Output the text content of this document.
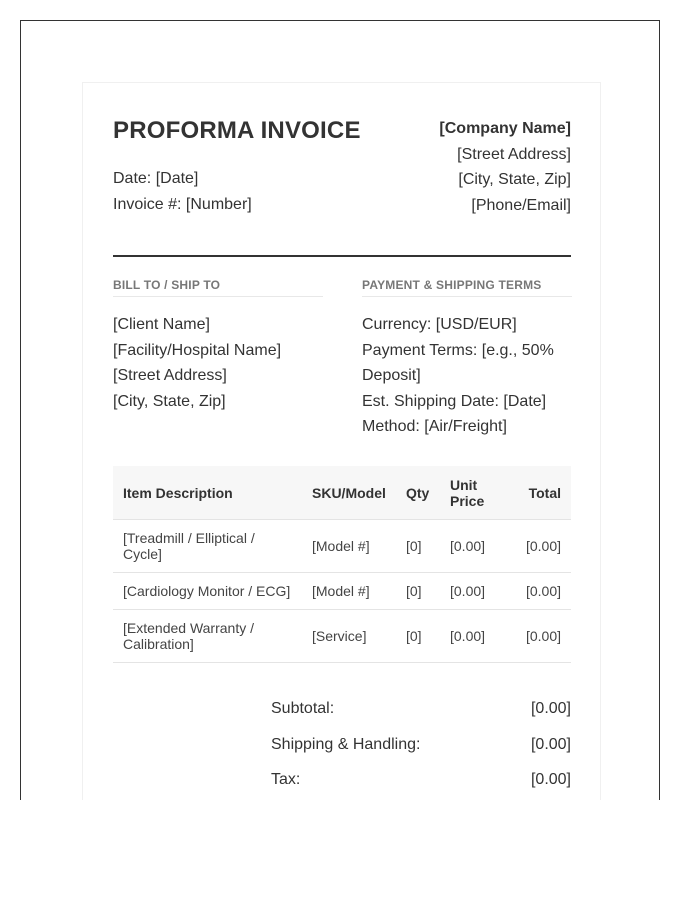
PROFORMA INVOICE
Date: [Date]
Invoice #: [Number]
[Company Name]
[Street Address]
[City, State, Zip]
[Phone/Email]
BILL TO / SHIP TO
[Client Name]
[Facility/Hospital Name]
[Street Address]
[City, State, Zip]
PAYMENT & SHIPPING TERMS
Currency: [USD/EUR]
Payment Terms: [e.g., 50% Deposit]
Est. Shipping Date: [Date]
Method: [Air/Freight]
Item Description	SKU/Model	Qty	Unit Price	Total
[Treadmill / Elliptical / Cycle]	[Model #]	[0]	[0.00]	[0.00]
[Cardiology Monitor / ECG]	[Model #]	[0]	[0.00]	[0.00]
[Extended Warranty / Calibration]	[Service]	[0]	[0.00]	[0.00]
Subtotal:	[0.00]
Shipping & Handling:	[0.00]
Tax:	[0.00]
